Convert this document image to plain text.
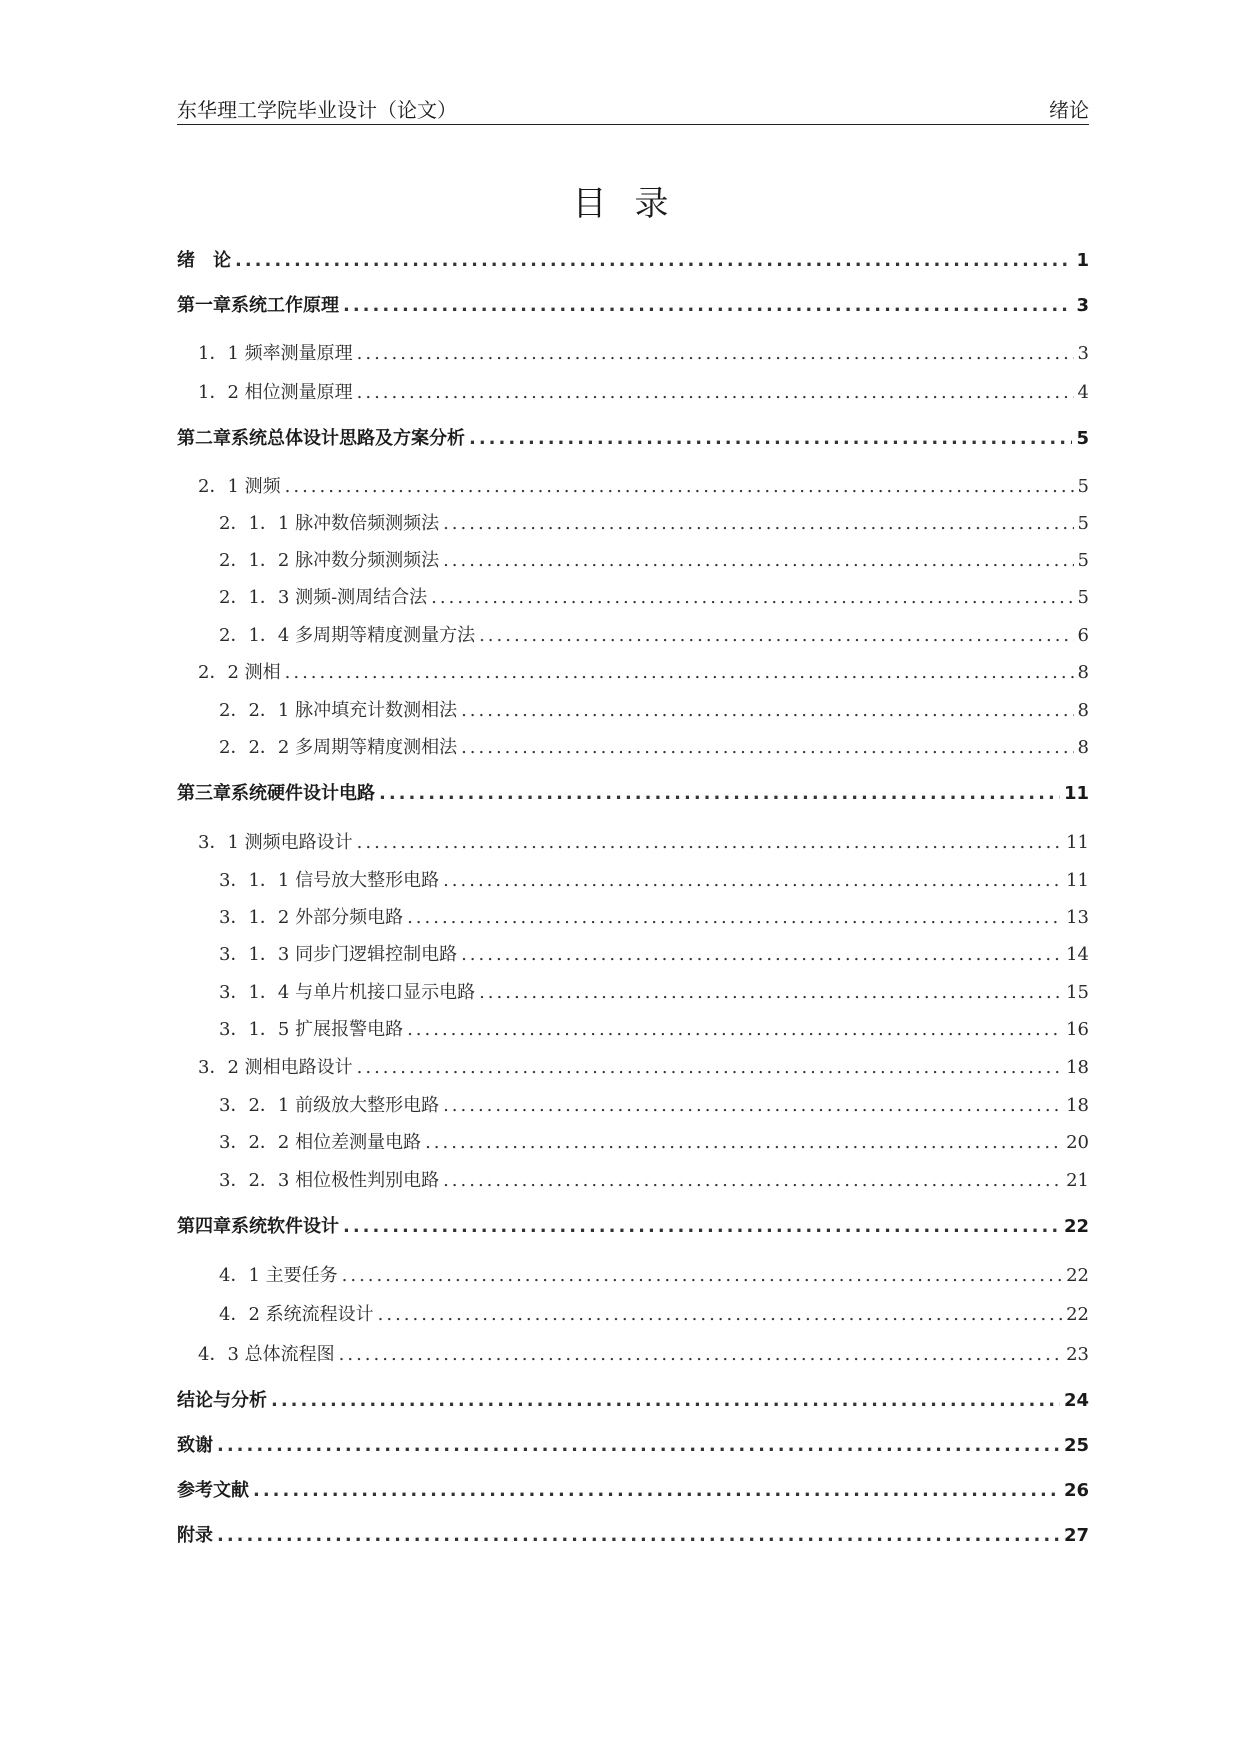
东华理工学院毕业设计（论文）	绪论
目录
绪　论 .....	1
第一章系统工作原理 .....	3
1．1 频率测量原理 .....	3
1．2 相位测量原理 .....	4
第二章系统总体设计思路及方案分析 .....	5
2．1 测频 .....	5
2．1．1 脉冲数倍频测频法 .....	5
2．1．2 脉冲数分频测频法 .....	5
2．1．3 测频-测周结合法 .....	5
2．1．4 多周期等精度测量方法 .....	6
2．2 测相 .....	8
2．2．1 脉冲填充计数测相法 .....	8
2．2．2 多周期等精度测相法 .....	8
第三章系统硬件设计电路 .....	11
3．1 测频电路设计 .....	11
3．1．1 信号放大整形电路 .....	11
3．1．2 外部分频电路 .....	13
3．1．3 同步门逻辑控制电路 .....	14
3．1．4 与单片机接口显示电路 .....	15
3．1．5 扩展报警电路 .....	16
3．2 测相电路设计 .....	18
3．2．1 前级放大整形电路 .....	18
3．2．2 相位差测量电路 .....	20
3．2．3 相位极性判别电路 .....	21
第四章系统软件设计 .....	22
4．1 主要任务 .....	22
4．2 系统流程设计 .....	22
4．3 总体流程图 .....	23
结论与分析 .....	24
致谢 .....	25
参考文献 .....	26
附录 .....	27
